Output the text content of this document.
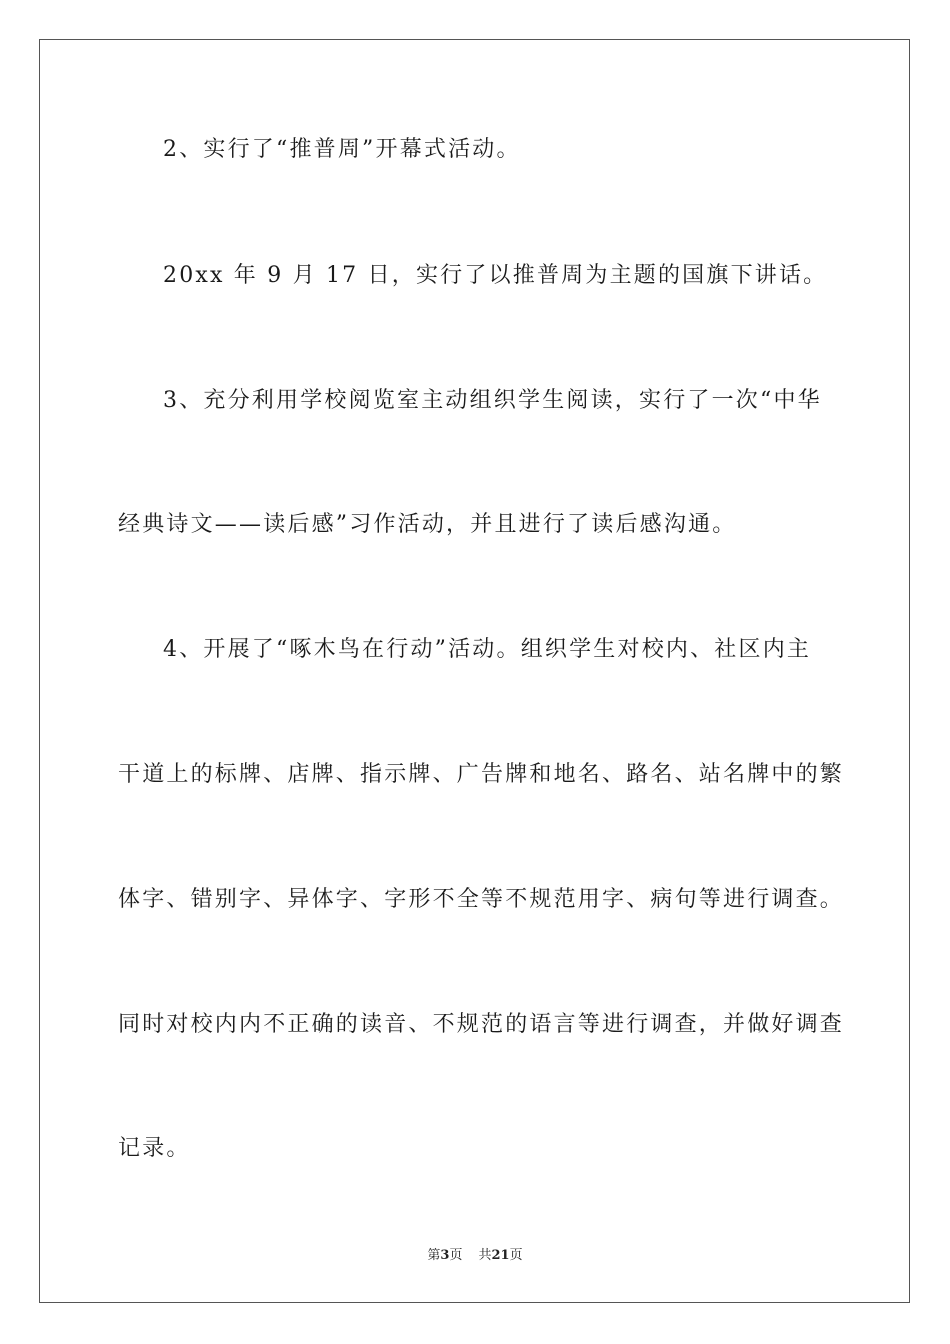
2、实行了“推普周”开幕式活动。

20xx 年 9 月 17 日，实行了以推普周为主题的国旗下讲话。

3、充分利用学校阅览室主动组织学生阅读，实行了一次“中华

经典诗文——读后感”习作活动，并且进行了读后感沟通。

4、开展了“啄木鸟在行动”活动。组织学生对校内、社区内主

干道上的标牌、店牌、指示牌、广告牌和地名、路名、站名牌中的繁

体字、错别字、异体字、字形不全等不规范用字、病句等进行调查。

同时对校内内不正确的读音、不规范的语言等进行调查，并做好调查

记录。

第3页 共21页
